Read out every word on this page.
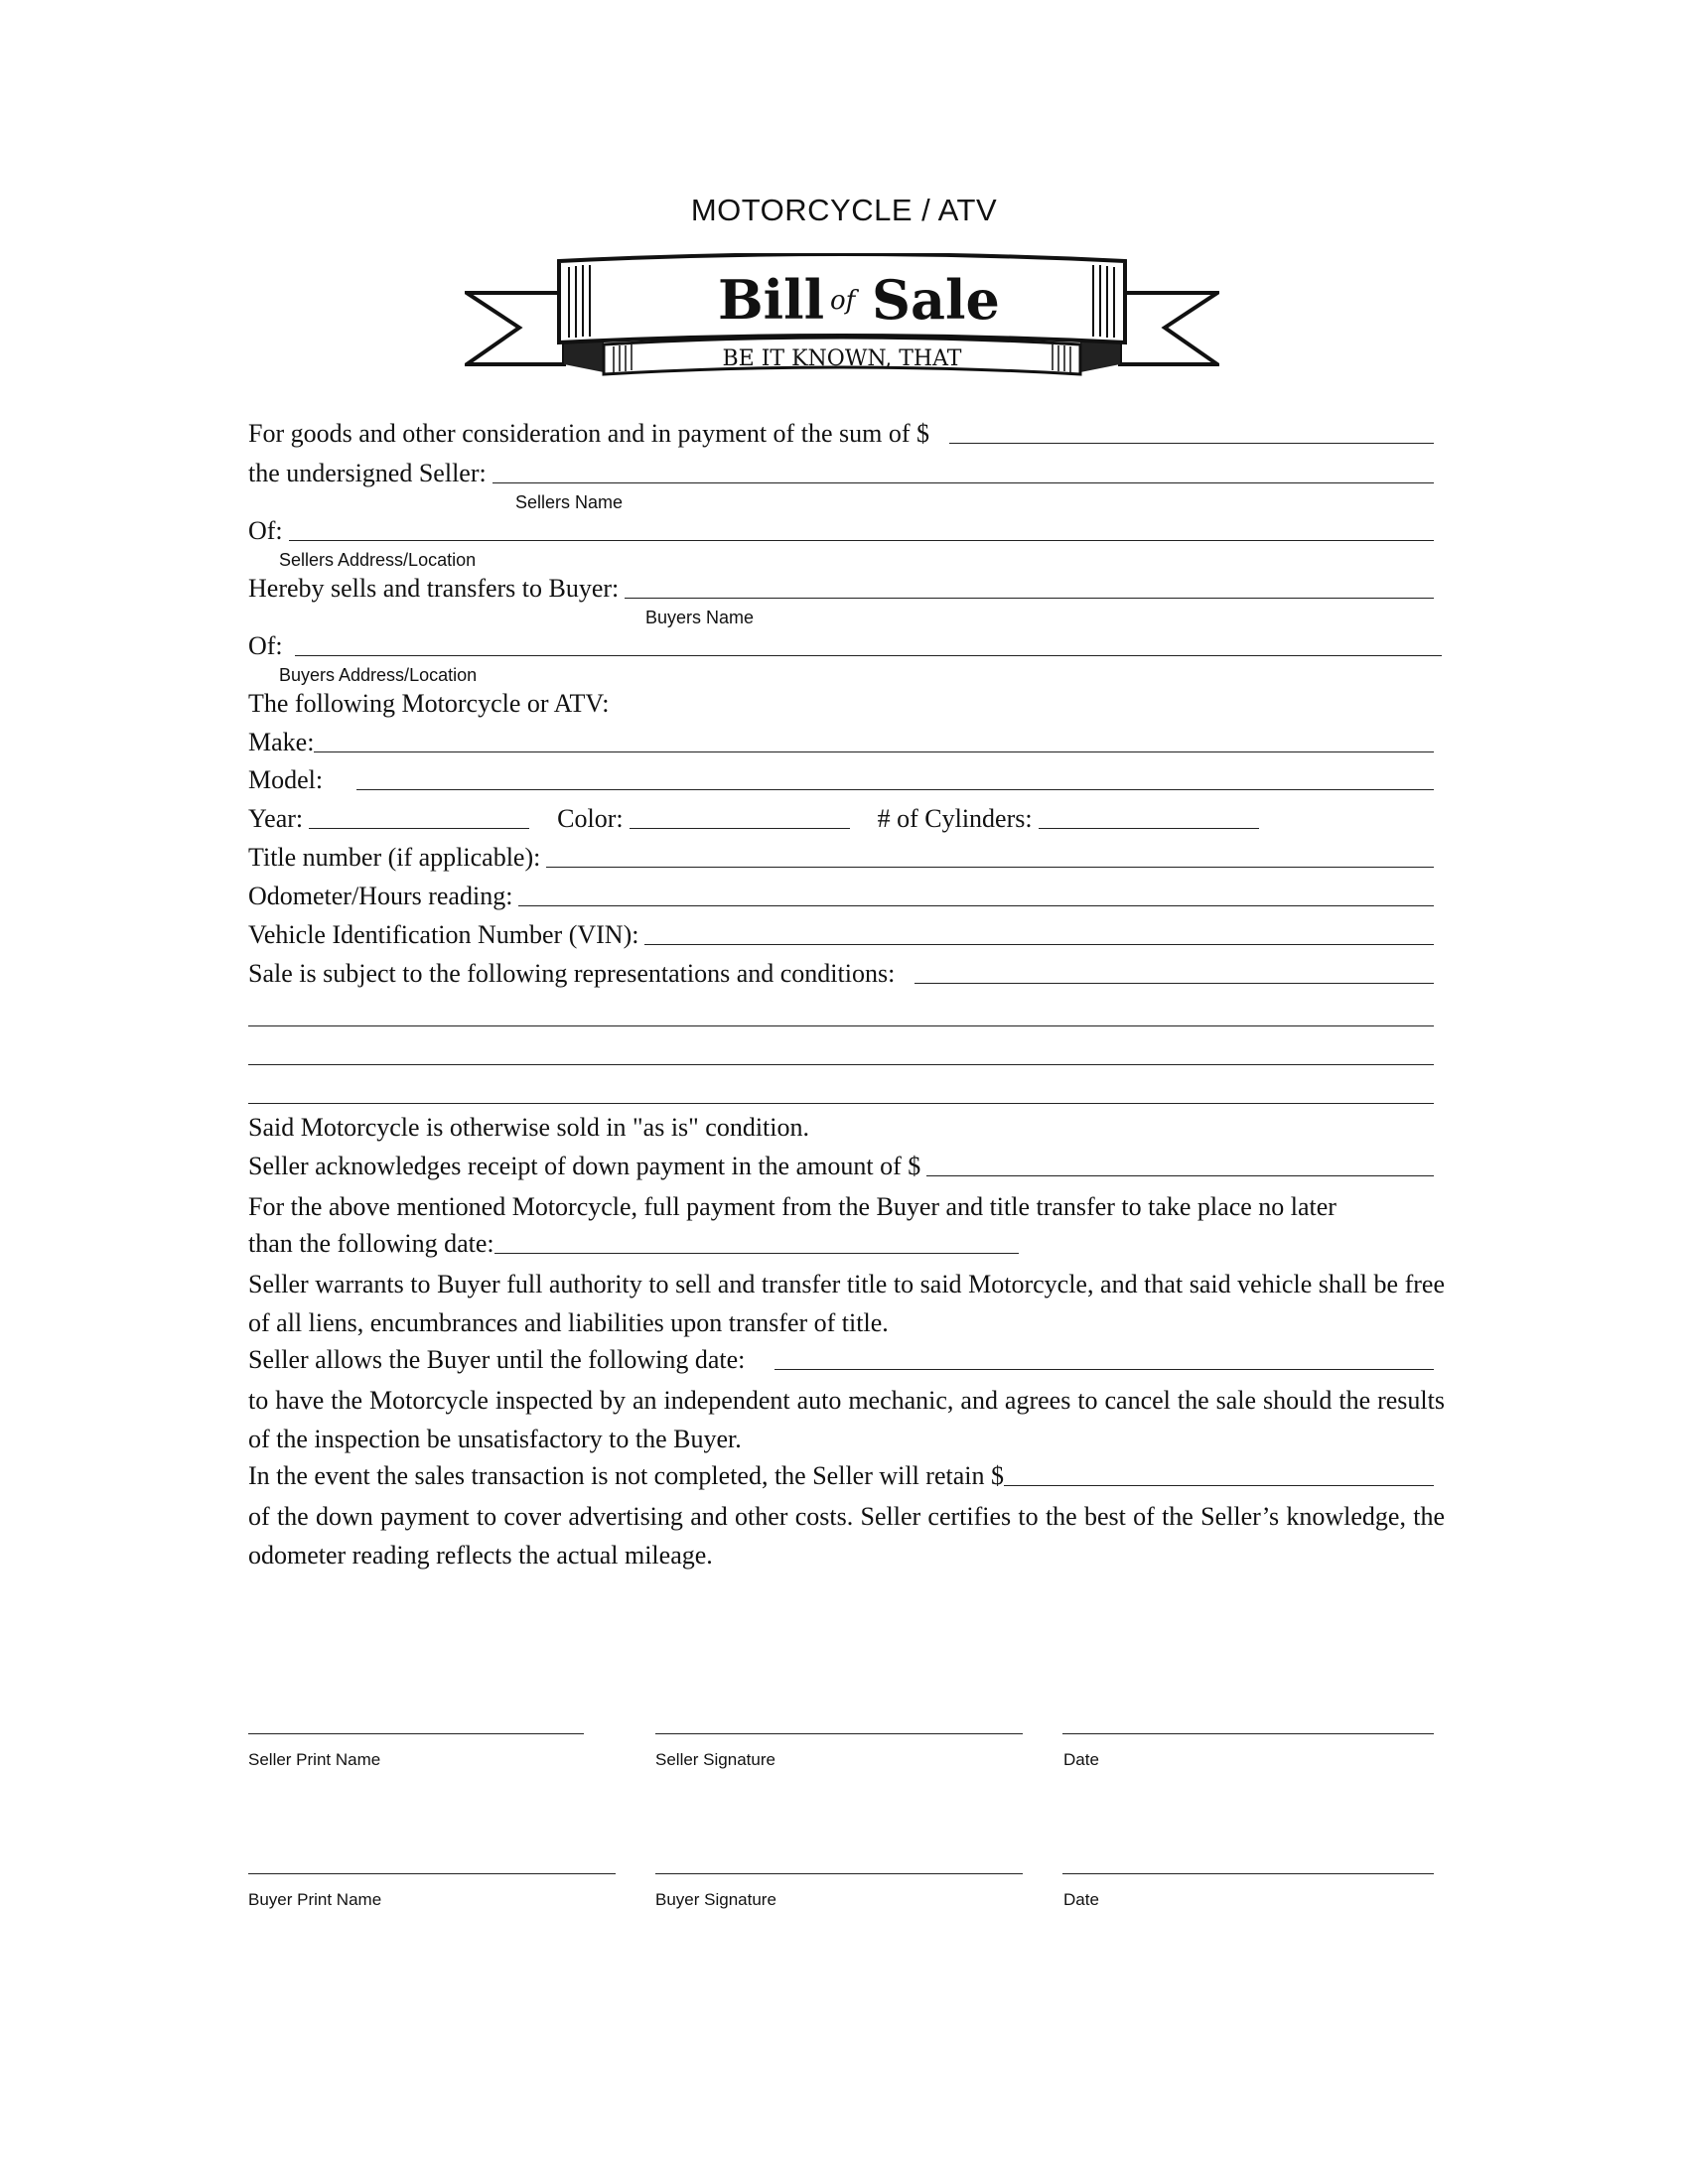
MOTORCYCLE / ATV
Bill of Sale
BE IT KNOWN, THAT
For goods and other consideration and in payment of the sum of $
the undersigned Seller:
Sellers Name
Of:
Sellers Address/Location
Hereby sells and transfers to Buyer:
Buyers Name
Of:
Buyers Address/Location
The following Motorcycle or ATV:
Make:
Model:
Year:	Color:	# of Cylinders:
Title number (if applicable):
Odometer/Hours reading:
Vehicle Identification Number (VIN):
Sale is subject to the following representations and conditions:
Said Motorcycle is otherwise sold in "as is" condition.
Seller acknowledges receipt of down payment in the amount of $
For the above mentioned Motorcycle, full payment from the Buyer and title transfer to take place no later
than the following date:
Seller warrants to Buyer full authority to sell and transfer title to said Motorcycle, and that said vehicle shall be free of all liens, encumbrances and liabilities upon transfer of title.
Seller allows the Buyer until the following date:
to have the Motorcycle inspected by an independent auto mechanic, and agrees to cancel the sale should the results of the inspection be unsatisfactory to the Buyer.
In the event the sales transaction is not completed, the Seller will retain $
of the down payment to cover advertising and other costs. Seller certifies to the best of the Seller’s knowledge, the odometer reading reflects the actual mileage.
Seller Print Name	Seller Signature	Date
Buyer Print Name	Buyer Signature	Date
